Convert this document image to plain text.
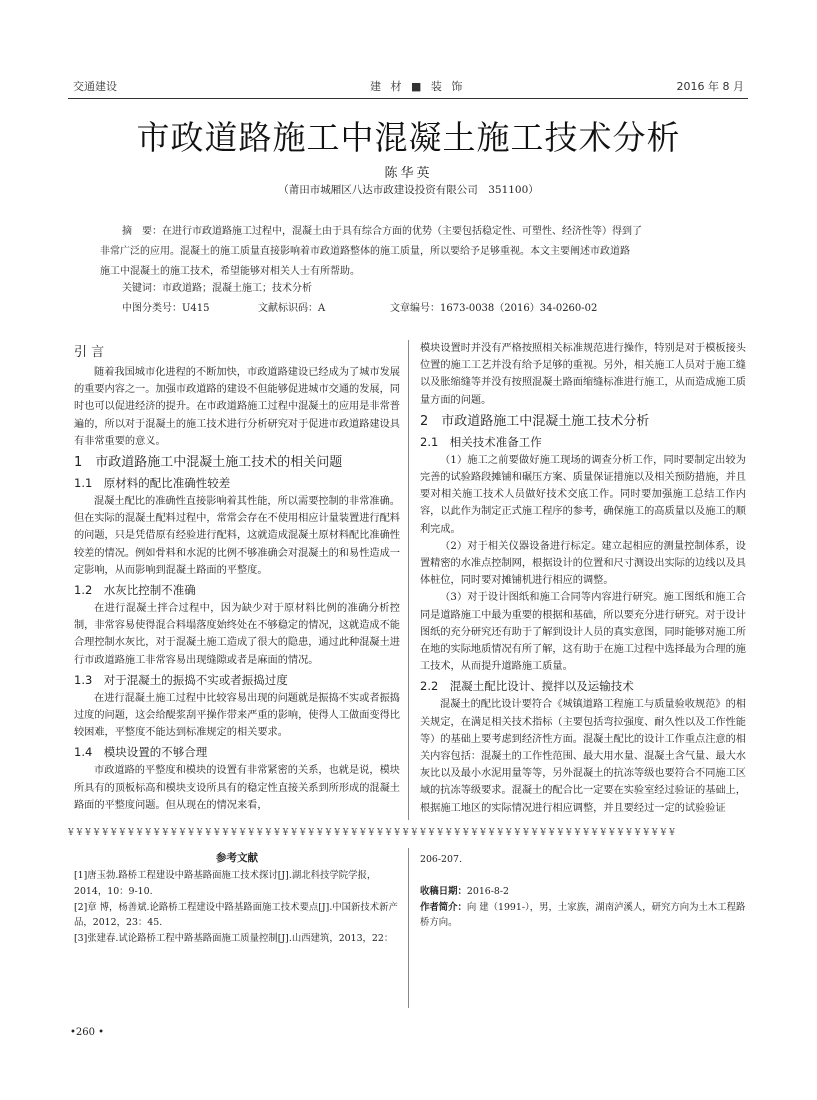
交通建设	建 材 ■ 装 饰	2016 年 8 月
市政道路施工中混凝土施工技术分析
陈华英
（莆田市城厢区八达市政建设投资有限公司　351100）

摘　要：在进行市政道路施工过程中，混凝土由于具有综合方面的优势（主要包括稳定性、可塑性、经济性等）得到了

非常广泛的应用。混凝土的施工质量直接影响着市政道路整体的施工质量，所以要给予足够重视。本文主要阐述市政道路

施工中混凝土的施工技术，希望能够对相关人士有所帮助。

关键词：市政道路；混凝土施工；技术分析
中图分类号：U415	文献标识码：A	文章编号：1673-0038（2016）34-0260-02
引 言

随着我国城市化进程的不断加快，市政道路建设已经成为了城市发展的重要内容之一。加强市政道路的建设不但能够促进城市交通的发展，同时也可以促进经济的提升。在市政道路施工过程中混凝土的应用是非常普遍的，所以对于混凝土的施工技术进行分析研究对于促进市政道路建设具有非常重要的意义。

1　市政道路施工中混凝土施工技术的相关问题
1.1　原材料的配比准确性较差

混凝土配比的准确性直接影响着其性能，所以需要控制的非常准确。但在实际的混凝土配料过程中，常常会存在不使用相应计量装置进行配料的问题，只是凭借原有经验进行配料，这就造成混凝土原材料配比准确性较差的情况。例如骨料和水泥的比例不够准确会对混凝土的和易性造成一定影响，从而影响到混凝土路面的平整度。

1.2　水灰比控制不准确

在进行混凝土拌合过程中，因为缺少对于原材料比例的准确分析控制，非常容易使得混合料塌落度始终处在不够稳定的情况，这就造成不能合理控制水灰比，对于混凝土施工造成了很大的隐患，通过此种混凝土进行市政道路施工非常容易出现缝隙或者是麻面的情况。

1.3　对于混凝土的振捣不实或者振捣过度

在进行混凝土施工过程中比较容易出现的问题就是振捣不实或者振捣过度的问题，这会给醍浆刮平操作带来严重的影响，使得人工做面变得比较困难，平整度不能达到标准规定的相关要求。

1.4　模块设置的不够合理

市政道路的平整度和模块的设置有非常紧密的关系，也就是说，模块所具有的顶板标高和模块支设所具有的稳定性直接关系到所形成的混凝土路面的平整度问题。但从现在的情况来看，

模块设置时并没有严格按照相关标准规范进行操作，特别是对于模板接头位置的施工工艺并没有给予足够的重视。另外，相关施工人员对于施工缝以及胀缩缝等并没有按照混凝土路面缩缝标准进行施工，从而造成施工质量方面的问题。

2　市政道路施工中混凝土施工技术分析
2.1　相关技术准备工作

（1）施工之前要做好施工现场的调查分析工作，同时要制定出较为完善的试验路段摊铺和碾压方案、质量保证措施以及相关预防措施，并且要对相关施工技术人员做好技术交底工作。同时要加强施工总结工作内容，以此作为制定正式施工程序的参考，确保施工的高质量以及施工的顺利完成。

（2）对于相关仪器设备进行标定。建立起相应的测量控制体系，设置精密的水准点控制网，根据设计的位置和尺寸测设出实际的边线以及具体桩位，同时要对摊铺机进行相应的调整。

（3）对于设计图纸和施工合同等内容进行研究。施工图纸和施工合同是道路施工中最为重要的根据和基础，所以要充分进行研究。对于设计图纸的充分研究还有助于了解到设计人员的真实意图，同时能够对施工所在地的实际地质情况有所了解，这有助于在施工过程中选择最为合理的施工技术，从而提升道路施工质量。

2.2　混凝土配比设计、搅拌以及运输技术

混凝土的配比设计要符合《城镇道路工程施工与质量验收规范》的相关规定，在满足相关技术指标（主要包括弯拉强度、耐久性以及工作性能等）的基础上要考虑到经济性方面。混凝土配比的设计工作重点注意的相关内容包括：混凝土的工作性范围、最大用水量、混凝土含气量、最大水灰比以及最小水泥用量等等，另外混凝土的抗冻等级也要符合不同施工区域的抗冻等级要求。混凝土的配合比一定要在实验室经过验证的基础上，根据施工地区的实际情况进行相应调整，并且要经过一定的试验验证

¥ ¥ ¥ ¥ ¥ ¥ ¥ ¥ ¥ ¥ ¥ ¥ ¥ ¥ ¥ ¥ ¥ ¥ ¥ ¥ ¥ ¥ ¥ ¥ ¥ ¥ ¥ ¥ ¥ ¥ ¥ ¥ ¥ ¥ ¥ ¥ ¥ ¥ ¥ ¥ ¥ ¥ ¥ ¥ ¥ ¥ ¥ ¥ ¥ ¥ ¥ ¥ ¥ ¥ ¥ ¥ ¥ ¥ ¥ ¥ ¥ ¥ ¥ ¥ ¥ ¥ ¥ ¥ ¥ ¥ ¥
参考文献

[1]唐玉勃.路桥工程建设中路基路面施工技术探讨[J].湖北科技学院学报，2014，10：9-10.

[2]章 博，杨善斌.论路桥工程建设中路基路面施工技术要点[J].中国新技术新产品，2012，23：45.

[3]张建春.试论路桥工程中路基路面施工质量控制[J].山西建筑，2013，22：

206-207.

收稿日期：2016-8-2

作者简介：向 建（1991-），男，土家族，湖南泸溪人，研究方向为土木工程路桥方向。

•260 •
